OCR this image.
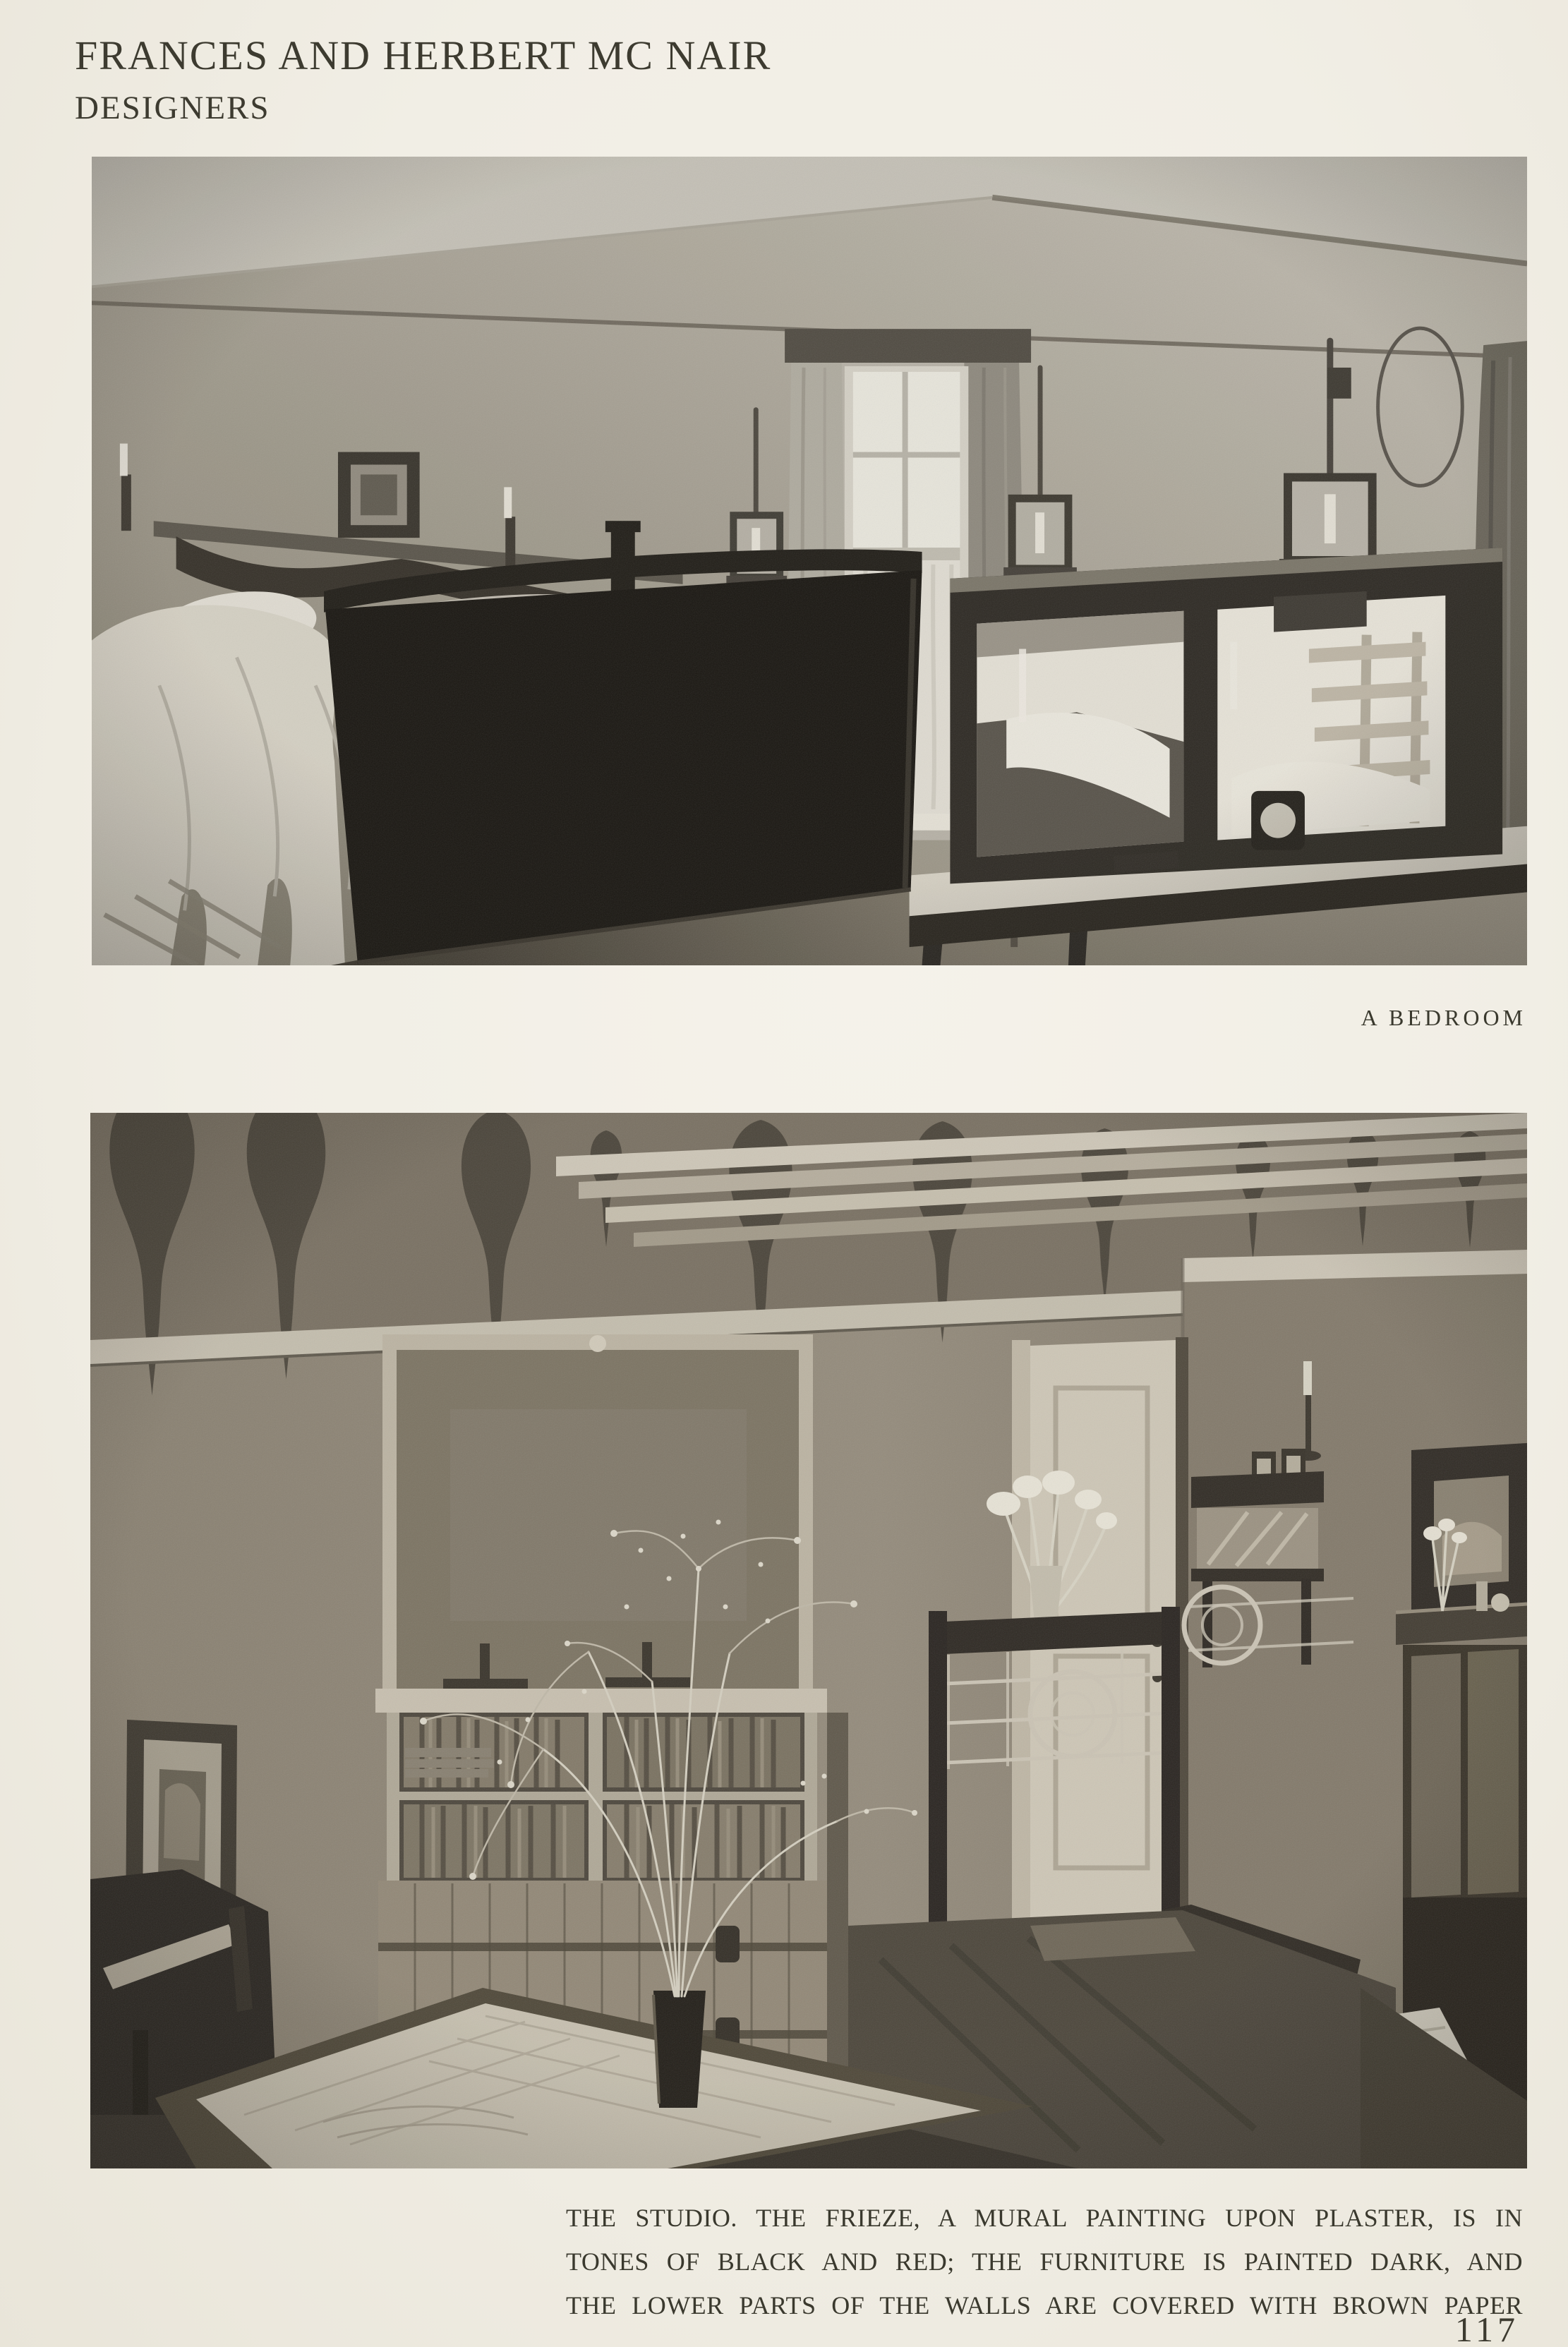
FRANCES AND HERBERT MC NAIR
DESIGNERS
A BEDROOM
THE STUDIO. THE FRIEZE, A MURAL PAINTING UPON PLASTER, IS IN
TONES OF BLACK AND RED; THE FURNITURE IS PAINTED DARK, AND
THE LOWER PARTS OF THE WALLS ARE COVERED WITH BROWN PAPER
117
